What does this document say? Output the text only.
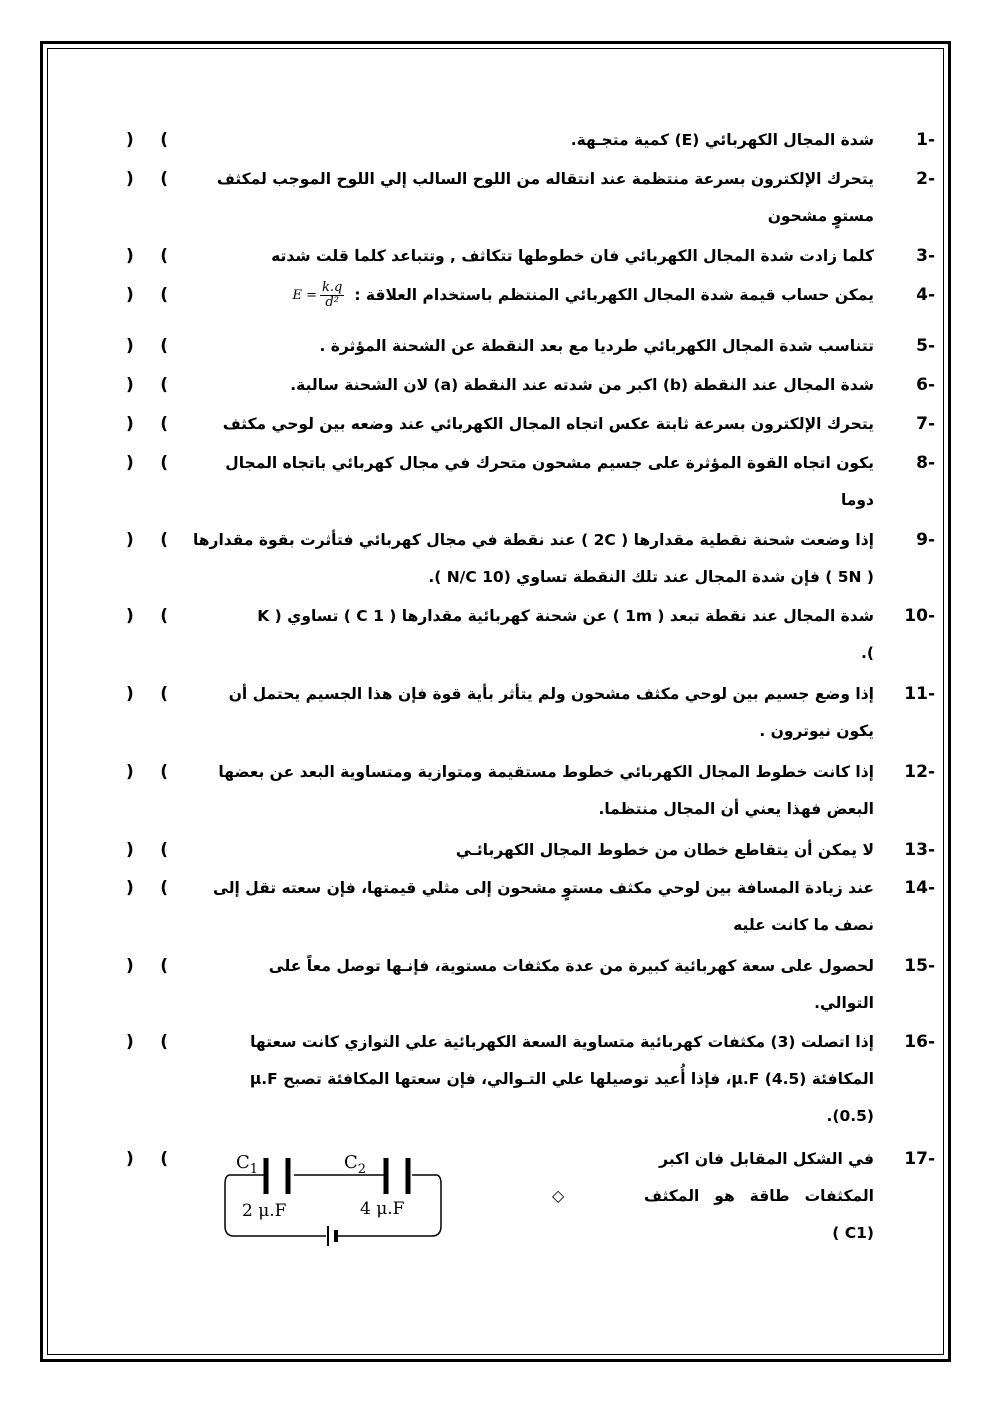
1-
شدة المجال الكهربائي (E) كمية متجـهة.
) (
2-
يتحرك الإلكترون بسرعة منتظمة عند انتقاله من اللوح السالب إلي اللوح الموجب لمكثف
مستوٍ مشحون
) (
3-
كلما زادت شدة المجال الكهربائي فان خطوطها تتكاثف , وتتباعد كلما قلت شدته
) (
4-
يمكن حساب قيمة شدة المجال الكهربائي المنتظم باستخدام العلاقة :E = $\frac{k.q}{\text{d²}}$
) (
5-
تتناسب شدة المجال الكهربائي طرديا مع بعد النقطة عن الشحنة المؤثرة .
) (
6-
شدة المجال عند النقطة (b) اكبر من شدته عند النقطة (a) لان الشحنة سالبة.
) (
7-
يتحرك الإلكترون بسرعة ثابتة عكس اتجاه المجال الكهربائي عند وضعه بين لوحي مكثف
) (
8-
يكون اتجاه القوة المؤثرة على جسيم مشحون متحرك في مجال كهربائي باتجاه المجال
دوما
) (
9-
إذا وضعت شحنة نقطية مقدارها ( 2C ) عند نقطة في مجال كهربائي فتأثرت بقوة مقدارها
( 5N ) فإن شدة المجال عند تلك النقطة تساوي (10 N/C ).
) (
10-
شدة المجال عند نقطة تبعد ( 1m ) عن شحنة كهربائية مقدارها ( 1 C ) تساوي ( K
).
) (
11-
إذا وضع جسيم بين لوحي مكثف مشحون ولم يتأثر بأية قوة فإن هذا الجسيم يحتمل أن
يكون نيوترون .
) (
12-
إذا كانت خطوط المجال الكهربائي خطوط مستقيمة ومتوازية ومتساوية البعد عن بعضها
البعض فهذا يعني أن المجال منتظما.
) (
13-
لا يمكن أن يتقاطع خطان من خطوط المجال الكهربائـي
) (
14-
عند زيادة المسافة بين لوحي مكثف مستوٍ مشحون إلى مثلي قيمتها، فإن سعته تقل إلى
نصف ما كانت عليه
) (
15-
لحصول على سعة كهربائية كبيرة من عدة مكثفات مستوية، فإنـها توصل معاً على
التوالي.
) (
16-
إذا اتصلت (3) مكثفات كهربائية متساوية السعة الكهربائية علي التوازي كانت سعتها
المكافئة μ.F (4.5)، فإذا أُعيد توصيلها علي التـوالي، فإن سعتها المكافئة تصبح μ.F
(0.5).
) (
17-
في الشكل المقابل فان اكبر
المكثفات طاقة هو المكثف (C1 )
) (	$C_1$	$C_2$
2 μ.F	4 μ.F
◇
